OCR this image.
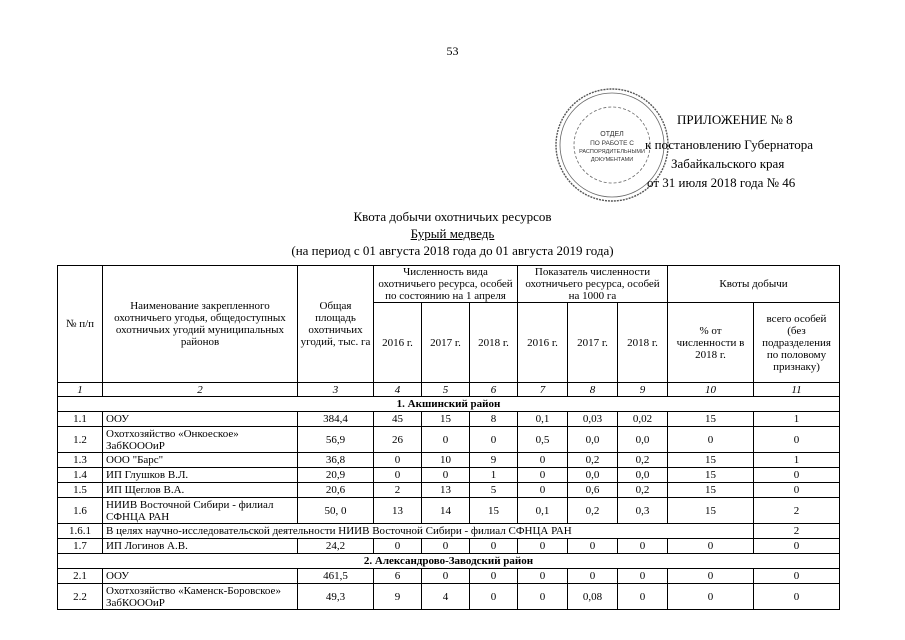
53
ОТДЕЛ
ПО РАБОТЕ С
РАСПОРЯДИТЕЛЬНЫМИ
ДОКУМЕНТАМИ
ПРИЛОЖЕНИЕ № 8
к постановлению Губернатора
Забайкальского края
от 31 июля 2018 года № 46
Квота добычи охотничьих ресурсов
Бурый медведь
(на период с 01 августа 2018 года до 01 августа 2019 года)
№ п/п	Наименование закрепленного охотничьего угодья, общедоступных охотничьих угодий муниципальных районов	Общая площадь охотничьих угодий, тыс. га	Численность вида охотничьего ресурса, особей по состоянию на 1 апреля			Показатель численности охотничьего ресурса, особей на 1000 га			Квоты добычи	
			2016 г.	2017 г.	2018 г.	2016 г.	2017 г.	2018 г.	% от численности в 2018 г.	всего особей (без подразделения по половому признаку)
1	2	3	4	5	6	7	8	9	10	11
1. Акшинский район										
1.1	ООУ	384,4	45	15	8	0,1	0,03	0,02	15	1
1.2	Охотхозяйство «Онкоеское» ЗабКОООиР	56,9	26	0	0	0,5	0,0	0,0	0	0
1.3	ООО "Барс"	36,8	0	10	9	0	0,2	0,2	15	1
1.4	ИП Глушков В.Л.	20,9	0	0	1	0	0,0	0,0	15	0
1.5	ИП Щеглов В.А.	20,6	2	13	5	0	0,6	0,2	15	0
1.6	НИИВ Восточной Сибири - филиал СФНЦА РАН	50, 0	13	14	15	0,1	0,2	0,3	15	2
1.6.1	В целях научно-исследовательской деятельности НИИВ Восточной Сибири - филиал СФНЦА РАН									2
1.7	ИП Логинов А.В.	24,2	0	0	0	0	0	0	0	0
2. Александрово-Заводский район										
2.1	ООУ	461,5	6	0	0	0	0	0	0	0
2.2	Охотхозяйство «Каменск-Боровское» ЗабКОООиР	49,3	9	4	0	0	0,08	0	0	0
